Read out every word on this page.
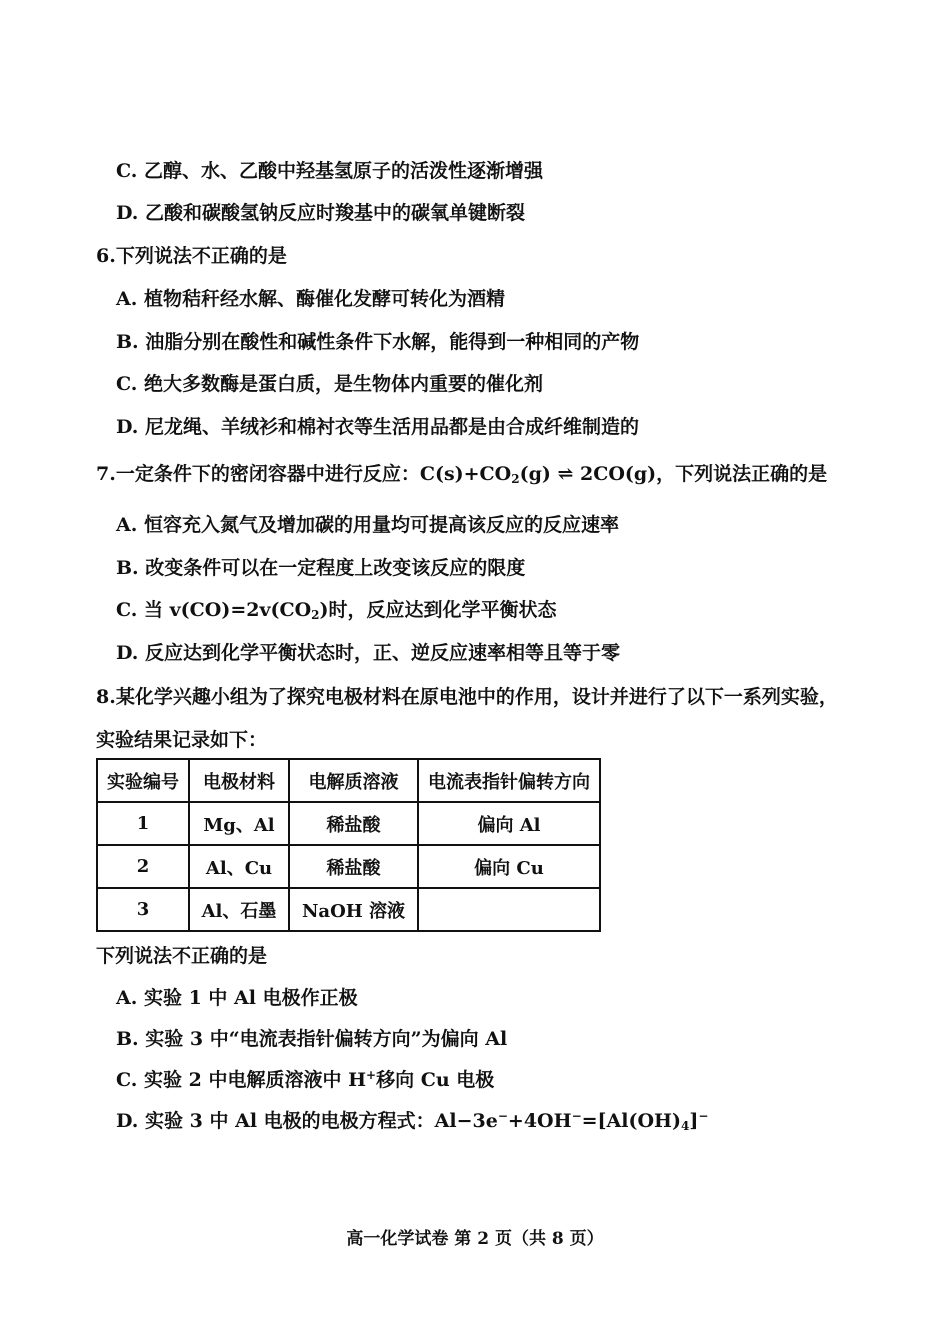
C. 乙醇、水、乙酸中羟基氢原子的活泼性逐渐增强
D. 乙酸和碳酸氢钠反应时羧基中的碳氧单键断裂
6.下列说法不正确的是
A. 植物秸秆经水解、酶催化发酵可转化为酒精
B. 油脂分别在酸性和碱性条件下水解，能得到一种相同的产物
C. 绝大多数酶是蛋白质，是生物体内重要的催化剂
D. 尼龙绳、羊绒衫和棉衬衣等生活用品都是由合成纤维制造的
7.一定条件下的密闭容器中进行反应：$C(s)+CO_2(g)$ ⇌ 2CO(g)，下列说法正确的是
A. 恒容充入氮气及增加碳的用量均可提高该反应的反应速率
B. 改变条件可以在一定程度上改变该反应的限度
C. 当 $v(CO)=2v(CO_2)$时，反应达到化学平衡状态
D. 反应达到化学平衡状态时，正、逆反应速率相等且等于零
8.某化学兴趣小组为了探究电极材料在原电池中的作用，设计并进行了以下一系列实验，
实验结果记录如下：
实验编号	电极材料	电解质溶液	电流表指针偏转方向
1	Mg、Al	稀盐酸	偏向 Al
2	Al、Cu	稀盐酸	偏向 Cu
3	Al、石墨	NaOH 溶液	
下列说法不正确的是
A. 实验 1 中 Al 电极作正极
B. 实验 3 中“电流表指针偏转方向”为偏向 Al
C. 实验 2 中电解质溶液中 H+移向 Cu 电极
D. 实验 3 中 Al 电极的电极方程式：$Al-3e^-+4OH^-=[Al(OH)_4]^-$
高一化学试卷 第 2 页（共 8 页）
